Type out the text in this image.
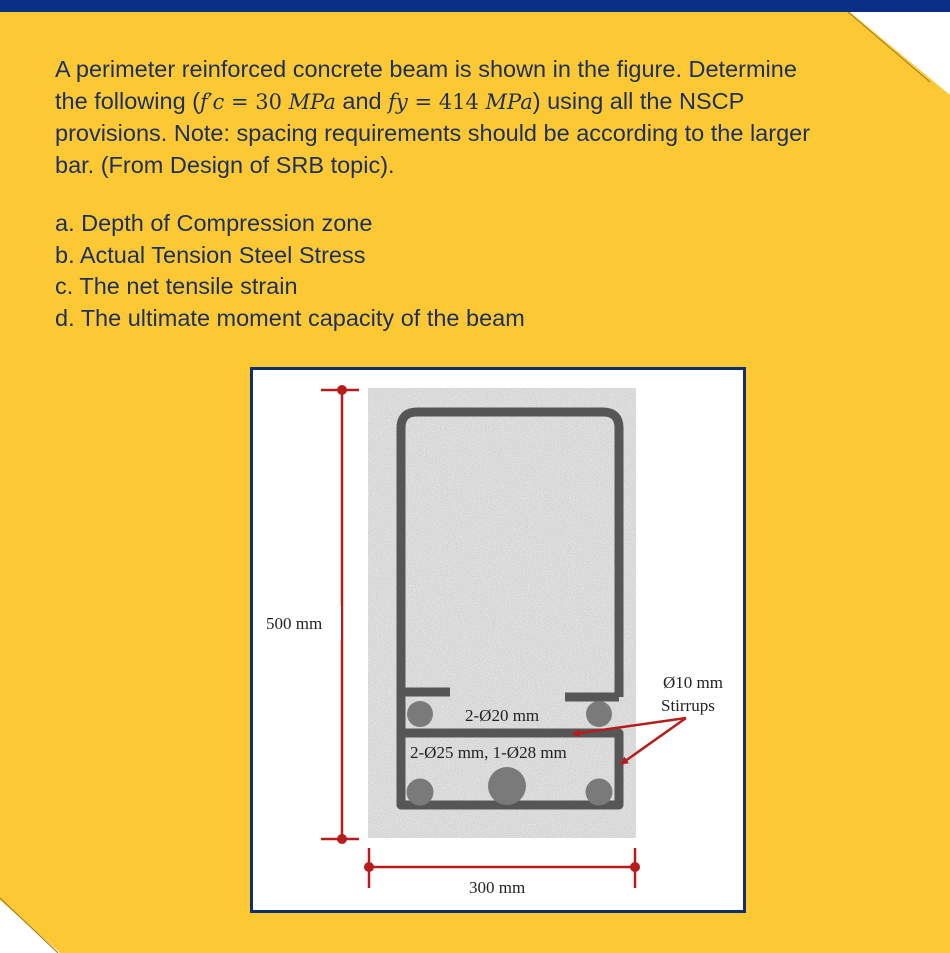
A perimeter reinforced concrete beam is shown in the figure. Determine
the following (f′c = 30 MPa and fy = 414 MPa) using all the NSCP
provisions. Note: spacing requirements should be according to the larger
bar. (From Design of SRB topic).
a. Depth of Compression zone
b. Actual Tension Steel Stress
c. The net tensile strain
d. The ultimate moment capacity of the beam
500 mm
300 mm
2-Ø20 mm
2-Ø25 mm, 1-Ø28 mm
Ø10 mm
Stirrups
